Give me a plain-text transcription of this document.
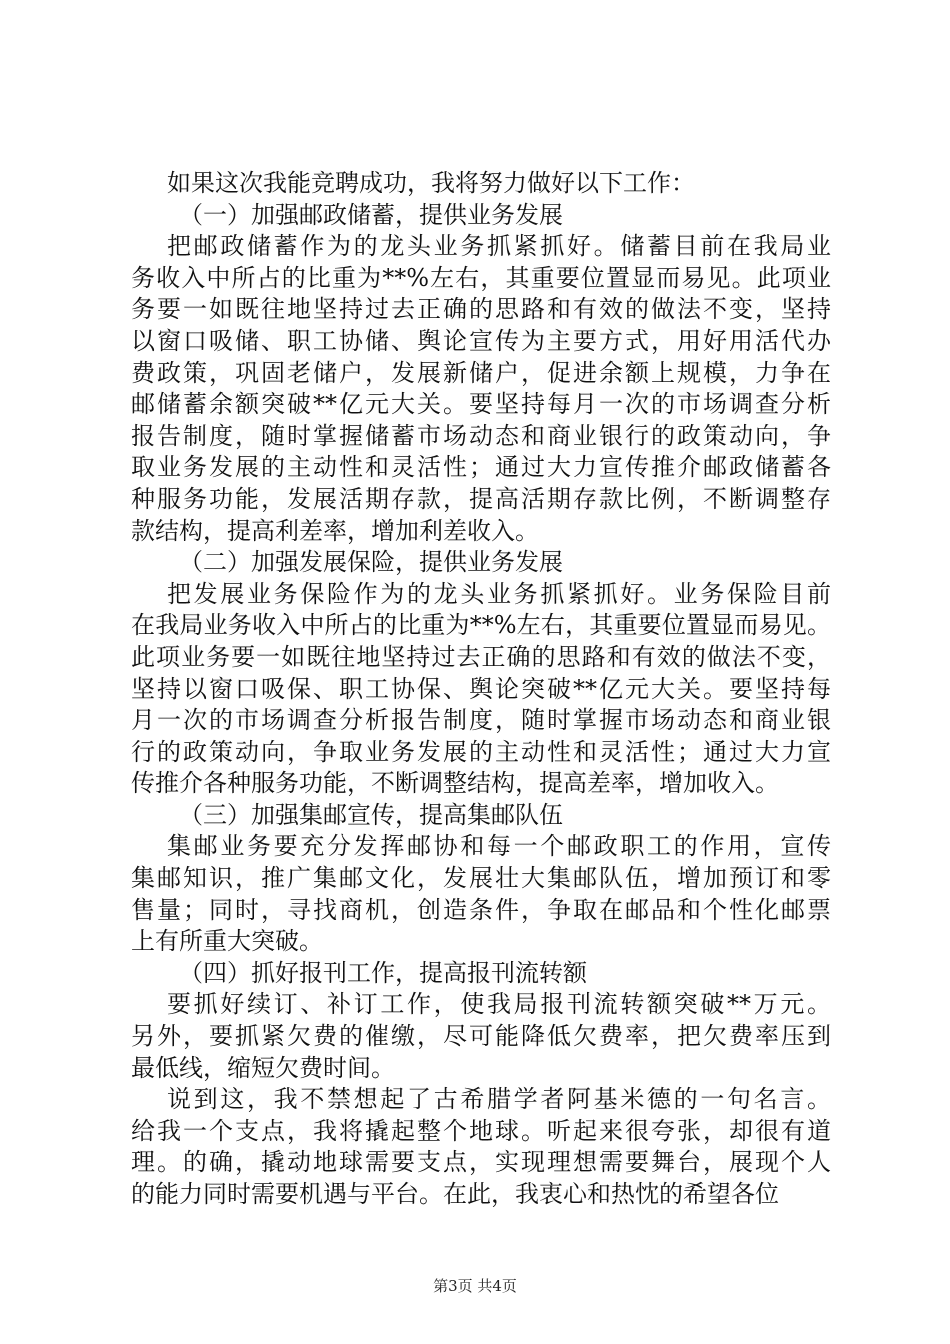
如果这次我能竞聘成功，我将努力做好以下工作：
（一）加强邮政储蓄，提供业务发展
把邮政储蓄作为的龙头业务抓紧抓好。储蓄目前在我局业
务收入中所占的比重为**%左右，其重要位置显而易见。此项业
务要一如既往地坚持过去正确的思路和有效的做法不变，坚持
以窗口吸储、职工协储、舆论宣传为主要方式，用好用活代办
费政策，巩固老储户，发展新储户，促进余额上规模，力争在
邮储蓄余额突破**亿元大关。要坚持每月一次的市场调查分析
报告制度，随时掌握储蓄市场动态和商业银行的政策动向，争
取业务发展的主动性和灵活性；通过大力宣传推介邮政储蓄各
种服务功能，发展活期存款，提高活期存款比例，不断调整存
款结构，提高利差率，增加利差收入。
（二）加强发展保险，提供业务发展
把发展业务保险作为的龙头业务抓紧抓好。业务保险目前
在我局业务收入中所占的比重为**%左右，其重要位置显而易见。
此项业务要一如既往地坚持过去正确的思路和有效的做法不变，
坚持以窗口吸保、职工协保、舆论突破**亿元大关。要坚持每
月一次的市场调查分析报告制度，随时掌握市场动态和商业银
行的政策动向，争取业务发展的主动性和灵活性；通过大力宣
传推介各种服务功能，不断调整结构，提高差率，增加收入。
（三）加强集邮宣传，提高集邮队伍
集邮业务要充分发挥邮协和每一个邮政职工的作用，宣传
集邮知识，推广集邮文化，发展壮大集邮队伍，增加预订和零
售量；同时，寻找商机，创造条件，争取在邮品和个性化邮票
上有所重大突破。
（四）抓好报刊工作，提高报刊流转额
要抓好续订、补订工作，使我局报刊流转额突破**万元。
另外，要抓紧欠费的催缴，尽可能降低欠费率，把欠费率压到
最低线，缩短欠费时间。
说到这，我不禁想起了古希腊学者阿基米德的一句名言。
给我一个支点，我将撬起整个地球。听起来很夸张，却很有道
理。的确，撬动地球需要支点，实现理想需要舞台，展现个人
的能力同时需要机遇与平台。在此，我衷心和热忱的希望各位
第3页 共4页
